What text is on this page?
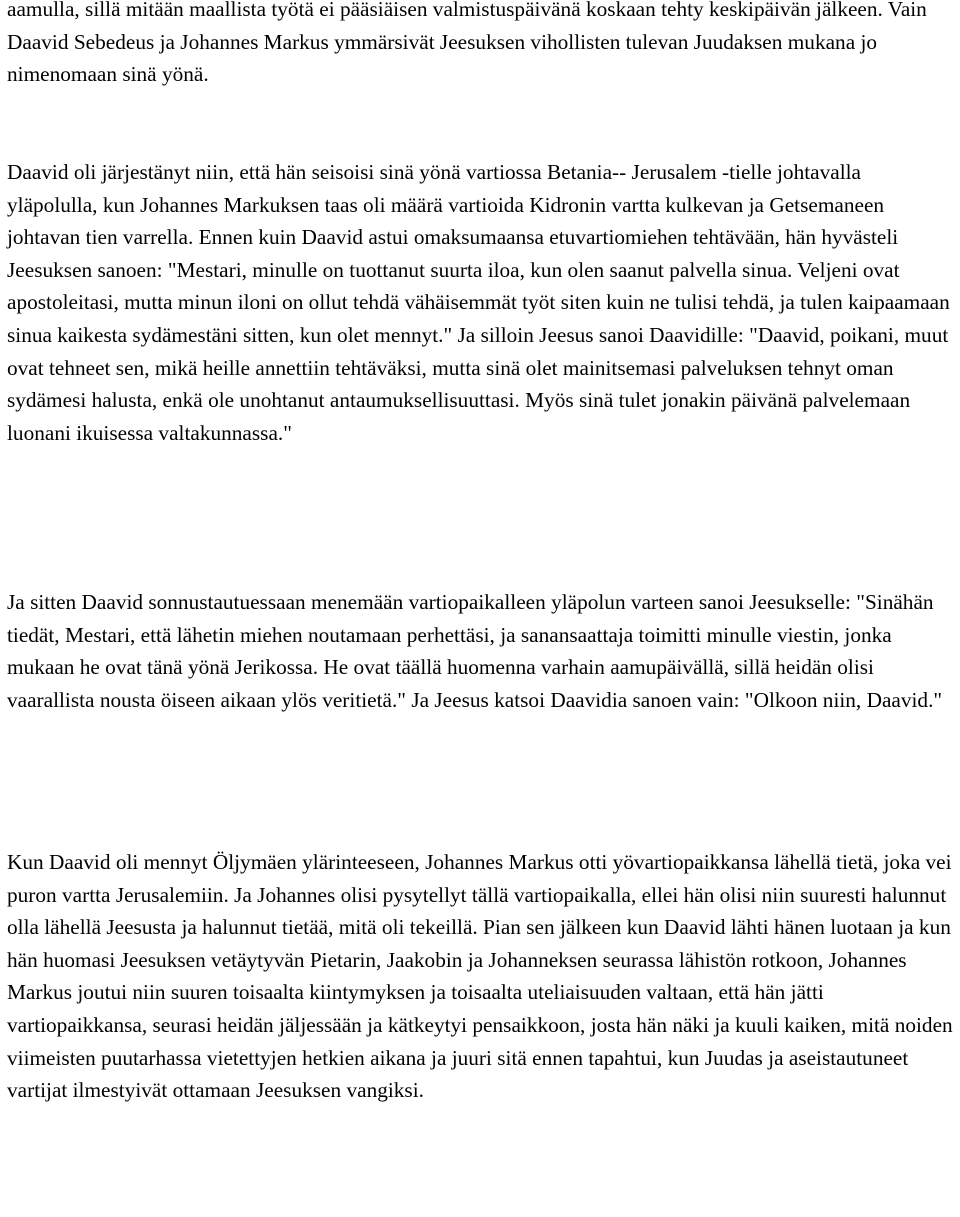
aamulla, sillä mitään maallista työtä ei pääsiäisen valmistuspäivänä koskaan tehty keskipäivän jälkeen. Vain Daavid Sebedeus ja Johannes Markus ymmärsivät Jeesuksen vihollisten tulevan Juudaksen mukana jo nimenomaan sinä yönä.

Daavid oli järjestänyt niin, että hän seisoisi sinä yönä vartiossa Betania-- Jerusalem -tielle johtavalla yläpolulla, kun Johannes Markuksen taas oli määrä vartioida Kidronin vartta kulkevan ja Getsemaneen johtavan tien varrella. Ennen kuin Daavid astui omaksumaansa etuvartiomiehen tehtävään, hän hyvästeli Jeesuksen sanoen: "Mestari, minulle on tuottanut suurta iloa, kun olen saanut palvella sinua. Veljeni ovat apostoleitasi, mutta minun iloni on ollut tehdä vähäisemmät työt siten kuin ne tulisi tehdä, ja tulen kaipaamaan sinua kaikesta sydämestäni sitten, kun olet mennyt." Ja silloin Jeesus sanoi Daavidille: "Daavid, poikani, muut ovat tehneet sen, mikä heille annettiin tehtäväksi, mutta sinä olet mainitsemasi palveluksen tehnyt oman sydämesi halusta, enkä ole unohtanut antaumuksellisuuttasi. Myös sinä tulet jonakin päivänä palvelemaan luonani ikuisessa valtakunnassa."

Ja sitten Daavid sonnustautuessaan menemään vartiopaikalleen yläpolun varteen sanoi Jeesukselle: "Sinähän tiedät, Mestari, että lähetin miehen noutamaan perhettäsi, ja sanansaattaja toimitti minulle viestin, jonka mukaan he ovat tänä yönä Jerikossa. He ovat täällä huomenna varhain aamupäivällä, sillä heidän olisi vaarallista nousta öiseen aikaan ylös veritietä." Ja Jeesus katsoi Daavidia sanoen vain: "Olkoon niin, Daavid."

Kun Daavid oli mennyt Öljymäen ylärinteeseen, Johannes Markus otti yövartiopaikkansa lähellä tietä, joka vei puron vartta Jerusalemiin. Ja Johannes olisi pysytellyt tällä vartiopaikalla, ellei hän olisi niin suuresti halunnut olla lähellä Jeesusta ja halunnut tietää, mitä oli tekeillä. Pian sen jälkeen kun Daavid lähti hänen luotaan ja kun hän huomasi Jeesuksen vetäytyvän Pietarin, Jaakobin ja Johanneksen seurassa lähistön rotkoon, Johannes Markus joutui niin suuren toisaalta kiintymyksen ja toisaalta uteliaisuuden valtaan, että hän jätti vartiopaikkansa, seurasi heidän jäljessään ja kätkeytyi pensaikkoon, josta hän näki ja kuuli kaiken, mitä noiden viimeisten puutarhassa vietettyjen hetkien aikana ja juuri sitä ennen tapahtui, kun Juudas ja aseistautuneet vartijat ilmestyivät ottamaan Jeesuksen vangiksi.
